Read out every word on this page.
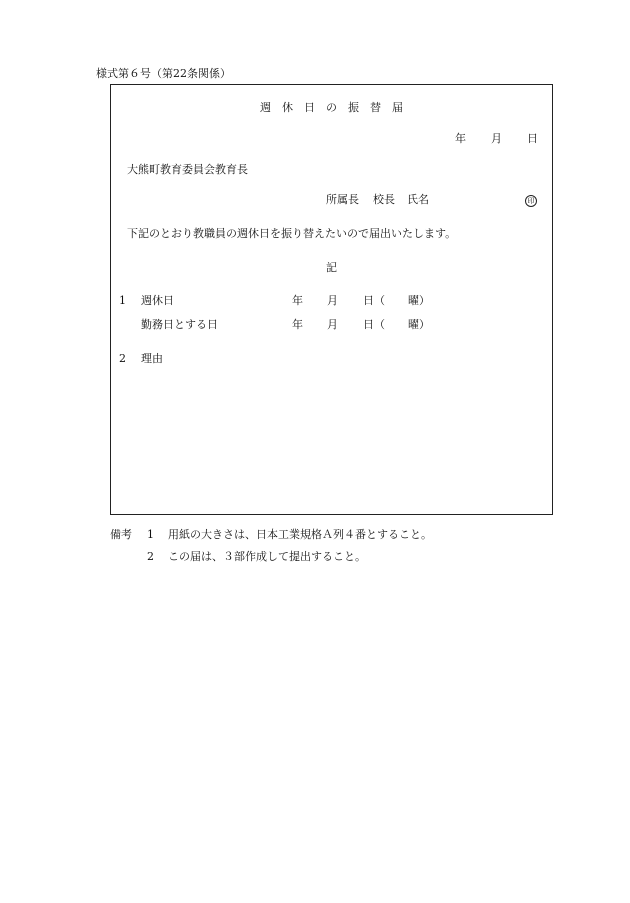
様式第６号（第22条関係）
週　休　日　の　振　替　届
年 月 日
大熊町教育委員会教育長
所属長 校長 氏名	印
下記のとおり教職員の週休日を振り替えたいので届出いたします。
記
1 週休日	年 月 日（ 曜）
勤務日とする日	年 月 日（ 曜）
2 理由
備考 1 用紙の大きさは、日本工業規格Ａ列４番とすること。
2 この届は、３部作成して提出すること。
